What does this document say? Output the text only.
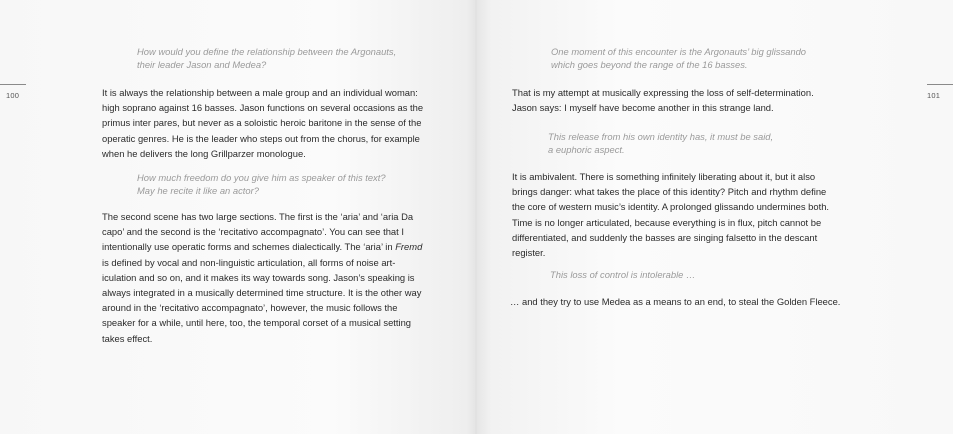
100
How would you define the relationship between the Argonauts,
their leader Jason and Medea?
It is always the relationship between a male group and an individual woman:
high soprano against 16 basses. Jason functions on several occasions as the
primus inter pares, but never as a soloistic heroic baritone in the sense of the
operatic genres. He is the leader who steps out from the chorus, for example
when he delivers the long Grillparzer monologue.
How much freedom do you give him as speaker of this text?
May he recite it like an actor?
The second scene has two large sections. The first is the ‘aria’ and ‘aria Da
capo’ and the second is the ‘recitativo accompagnato’. You can see that I
intentionally use operatic forms and schemes dialectically. The ‘aria’ in Fremd
is defined by vocal and non-linguistic articulation, all forms of noise art-
iculation and so on, and it makes its way towards song. Jason’s speaking is
always integrated in a musically determined time structure. It is the other way
around in the ‘recitativo accompagnato’, however, the music follows the
speaker for a while, until here, too, the temporal corset of a musical setting
takes effect.
101
One moment of this encounter is the Argonauts’ big glissando
which goes beyond the range of the 16 basses.
That is my attempt at musically expressing the loss of self-determination.
Jason says: I myself have become another in this strange land.
This release from his own identity has, it must be said,
a euphoric aspect.
It is ambivalent. There is something infinitely liberating about it, but it also
brings danger: what takes the place of this identity? Pitch and rhythm define
the core of western music’s identity. A prolonged glissando undermines both.
Time is no longer articulated, because everything is in flux, pitch cannot be
differentiated, and suddenly the basses are singing falsetto in the descant
register.
This loss of control is intolerable …
… and they try to use Medea as a means to an end, to steal the Golden Fleece.
